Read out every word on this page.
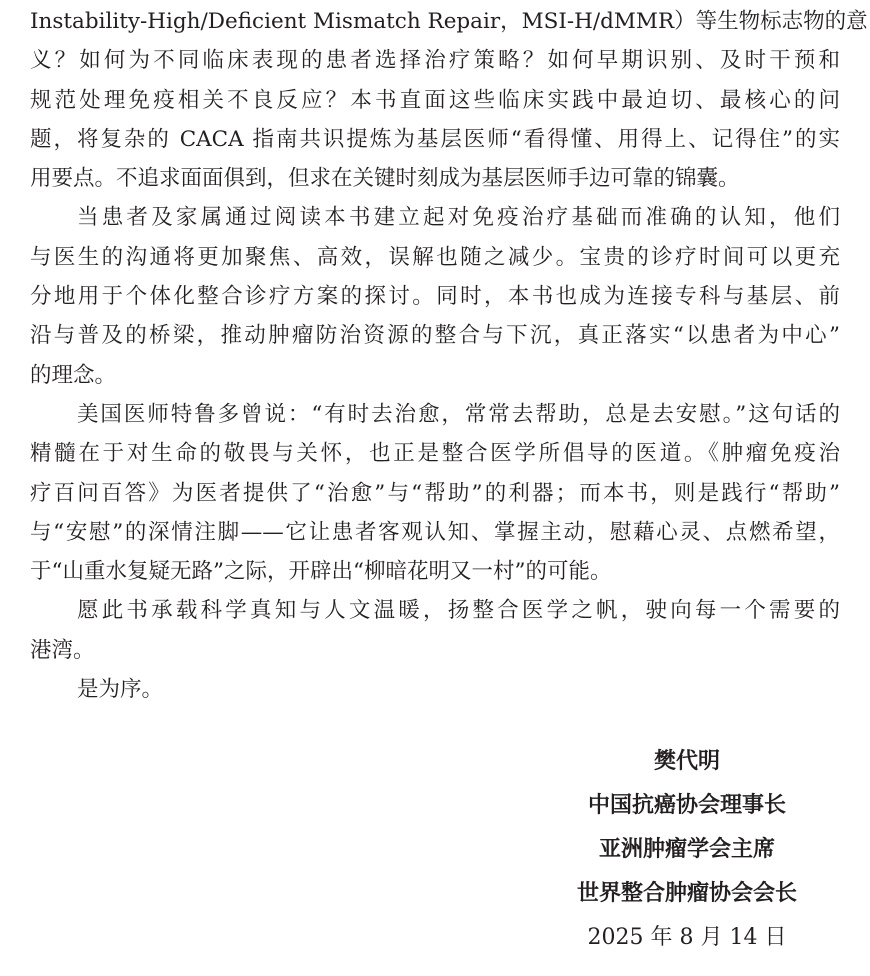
Instability-High/Deficient Mismatch Repair，MSI-H/dMMR）等生物标志物的意
义？如何为不同临床表现的患者选择治疗策略？如何早期识别、及时干预和
规范处理免疫相关不良反应？本书直面这些临床实践中最迫切、最核心的问
题，将复杂的 CACA 指南共识提炼为基层医师“看得懂、用得上、记得住”的实
用要点。不追求面面俱到，但求在关键时刻成为基层医师手边可靠的锦囊。
当患者及家属通过阅读本书建立起对免疫治疗基础而准确的认知，他们
与医生的沟通将更加聚焦、高效，误解也随之减少。宝贵的诊疗时间可以更充
分地用于个体化整合诊疗方案的探讨。同时，本书也成为连接专科与基层、前
沿与普及的桥梁，推动肿瘤防治资源的整合与下沉，真正落实“以患者为中心”
的理念。
美国医师特鲁多曾说：“有时去治愈，常常去帮助，总是去安慰。”这句话的
精髓在于对生命的敬畏与关怀，也正是整合医学所倡导的医道。《肿瘤免疫治
疗百问百答》为医者提供了“治愈”与“帮助”的利器；而本书，则是践行“帮助”
与“安慰”的深情注脚——它让患者客观认知、掌握主动，慰藉心灵、点燃希望，
于“山重水复疑无路”之际，开辟出“柳暗花明又一村”的可能。
愿此书承载科学真知与人文温暖，扬整合医学之帆，驶向每一个需要的
港湾。
是为序。
樊代明
中国抗癌协会理事长
亚洲肿瘤学会主席
世界整合肿瘤协会会长
2025 年 8 月 14 日
